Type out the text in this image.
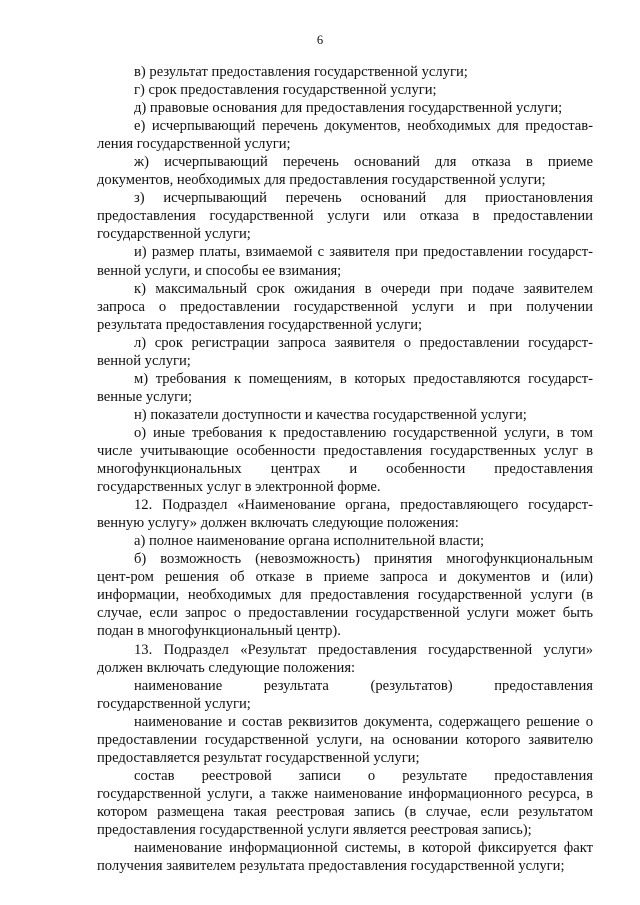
6
в) результат предоставления государственной услуги;
г) срок предоставления государственной услуги;
д) правовые основания для предоставления государственной услуги;
е) исчерпывающий перечень документов, необходимых для предостав-
ления государственной услуги;
ж) исчерпывающий перечень оснований для отказа в приеме
документов, необходимых для предоставления государственной услуги;
з) исчерпывающий перечень оснований для приостановления
предоставления государственной услуги или отказа в предоставлении
государственной услуги;
и) размер платы, взимаемой с заявителя при предоставлении государст-
венной услуги, и способы ее взимания;
к) максимальный срок ожидания в очереди при подаче заявителем
запроса о предоставлении государственной услуги и при получении
результата предоставления государственной услуги;
л) срок регистрации запроса заявителя о предоставлении государст-
венной услуги;
м) требования к помещениям, в которых предоставляются государст-
венные услуги;
н) показатели доступности и качества государственной услуги;
о) иные требования к предоставлению государственной услуги, в том
числе учитывающие особенности предоставления государственных услуг в
многофункциональных центрах и особенности предоставления
государственных услуг в электронной форме.
12. Подраздел «Наименование органа, предоставляющего государст-
венную услугу» должен включать следующие положения:
а) полное наименование органа исполнительной власти;
б) возможность (невозможность) принятия многофункциональным
цент-ром решения об отказе в приеме запроса и документов и (или)
информации, необходимых для предоставления государственной услуги (в
случае, если запрос о предоставлении государственной услуги может быть
подан в многофункциональный центр).
13. Подраздел «Результат предоставления государственной услуги»
должен включать следующие положения:
наименование результата (результатов) предоставления
государственной услуги;
наименование и состав реквизитов документа, содержащего решение о
предоставлении государственной услуги, на основании которого заявителю
предоставляется результат государственной услуги;
состав реестровой записи о результате предоставления
государственной услуги, а также наименование информационного ресурса, в
котором размещена такая реестровая запись (в случае, если результатом
предоставления государственной услуги является реестровая запись);
наименование информационной системы, в которой фиксируется факт
получения заявителем результата предоставления государственной услуги;
